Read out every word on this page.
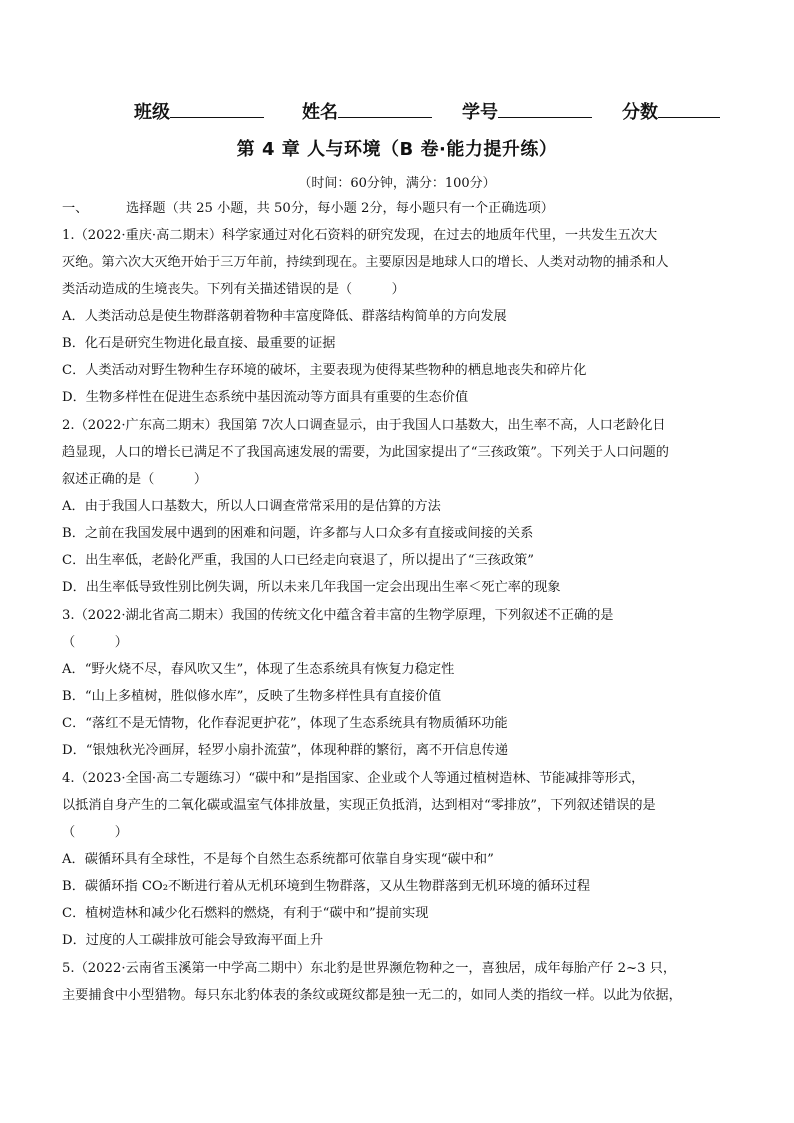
班级	姓名	学号	分数
第 4 章 人与环境（B 卷·能力提升练）
（时间：60分钟，满分：100分）
一、	选择题（共 25 小题，共 50分，每小题 2分，每小题只有一个正确选项）
1.（2022·重庆·高二期末）科学家通过对化石资料的研究发现，在过去的地质年代里，一共发生五次大
灭绝。第六次大灭绝开始于三万年前，持续到现在。主要原因是地球人口的增长、人类对动物的捕杀和人
类活动造成的生境丧失。下列有关描述错误的是（　　　）
A．人类活动总是使生物群落朝着物种丰富度降低、群落结构简单的方向发展
B．化石是研究生物进化最直接、最重要的证据
C．人类活动对野生物种生存环境的破坏，主要表现为使得某些物种的栖息地丧失和碎片化
D．生物多样性在促进生态系统中基因流动等方面具有重要的生态价值
2.（2022·广东高二期末）我国第 7次人口调查显示，由于我国人口基数大，出生率不高，人口老龄化日
趋显现，人口的增长已满足不了我国高速发展的需要，为此国家提出了“三孩政策”。下列关于人口问题的
叙述正确的是（　　　）
A．由于我国人口基数大，所以人口调查常常采用的是估算的方法
B．之前在我国发展中遇到的困难和问题，许多都与人口众多有直接或间接的关系
C．出生率低，老龄化严重，我国的人口已经走向衰退了，所以提出了“三孩政策”
D．出生率低导致性别比例失调，所以未来几年我国一定会出现出生率＜死亡率的现象
3.（2022·湖北省高二期末）我国的传统文化中蕴含着丰富的生物学原理，下列叙述不正确的是
（　　　）
A．“野火烧不尽，春风吹又生”，体现了生态系统具有恢复力稳定性
B．“山上多植树，胜似修水库”，反映了生物多样性具有直接价值
C．“落红不是无情物，化作春泥更护花”，体现了生态系统具有物质循环功能
D．“银烛秋光冷画屏，轻罗小扇扑流萤”，体现种群的繁衍，离不开信息传递
4.（2023·全国·高二专题练习）“碳中和”是指国家、企业或个人等通过植树造林、节能减排等形式，
以抵消自身产生的二氧化碳或温室气体排放量，实现正负抵消，达到相对“零排放”，下列叙述错误的是
（　　　）
A．碳循环具有全球性，不是每个自然生态系统都可依靠自身实现“碳中和”
B．碳循环指 CO₂不断进行着从无机环境到生物群落，又从生物群落到无机环境的循环过程
C．植树造林和减少化石燃料的燃烧，有利于“碳中和”提前实现
D．过度的人工碳排放可能会导致海平面上升
5.（2022·云南省玉溪第一中学高二期中）东北豹是世界濒危物种之一，喜独居，成年每胎产仔 2~3 只，
主要捕食中小型猎物。每只东北豹体表的条纹或斑纹都是独一无二的，如同人类的指纹一样。以此为依据，
